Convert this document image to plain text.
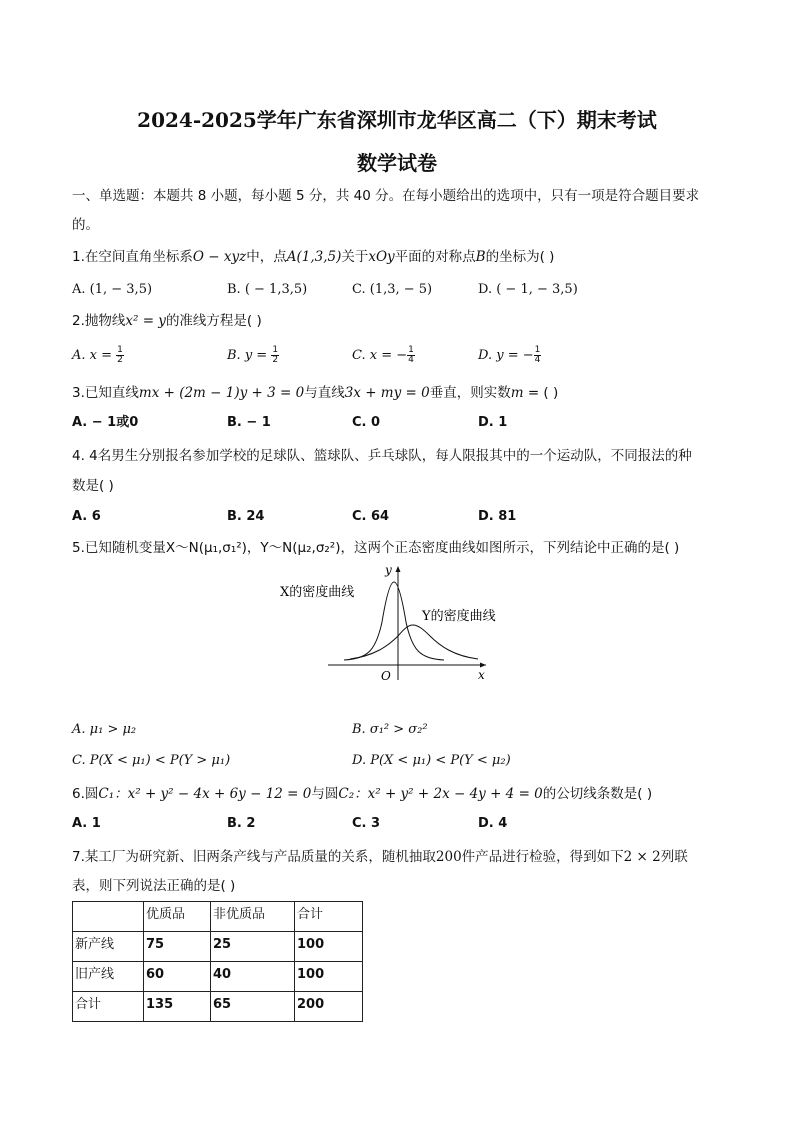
2024-2025学年广东省深圳市龙华区高二（下）期末考试
数学试卷
一、单选题：本题共 8 小题，每小题 5 分，共 40 分。在每小题给出的选项中，只有一项是符合题目要求
的。
1.在空间直角坐标系O − xyz中，点A(1,3,5)关于xOy平面的对称点B的坐标为( )
A. (1, − 3,5)	B. ( − 1,3,5)	C. (1,3, − 5)	D. ( − 1, − 3,5)
2.抛物线x² = y的准线方程是( )
A. $x = \frac{1}{2}$	B. $y = \frac{1}{2}$	C. x = − $\frac{1}{4}$	D. y = − $\frac{1}{4}$
3.已知直线mx + (2m − 1)y + 3 = 0与直线3x + my = 0垂直，则实数m = ( )
A. − 1或0	B. − 1	C. 0	D. 1
4. 4名男生分别报名参加学校的足球队、篮球队、乒乓球队，每人限报其中的一个运动队，不同报法的种
数是( )
A. 6	B. 24	C. 64	D. 81
5.已知随机变量X～N(μ₁,σ₁²)，Y～N(μ₂,σ₂²)，这两个正态密度曲线如图所示，下列结论中正确的是( )
X的密度曲线
Y的密度曲线
y
x
O
A. μ₁ > μ₂	B. σ₁² > σ₂²
C. P(X < μ₁) < P(Y > μ₁)	D. P(X < μ₁) < P(Y < μ₂)
6.圆C₁：x² + y² − 4x + 6y − 12 = 0与圆C₂：x² + y² + 2x − 4y + 4 = 0的公切线条数是( )
A. 1	B. 2	C. 3	D. 4
7.某工厂为研究新、旧两条产线与产品质量的关系，随机抽取200件产品进行检验，得到如下2 × 2列联
表，则下列说法正确的是( )
	优质品	非优质品	合计
新产线	75	25	100
旧产线	60	40	100
合计	135	65	200
